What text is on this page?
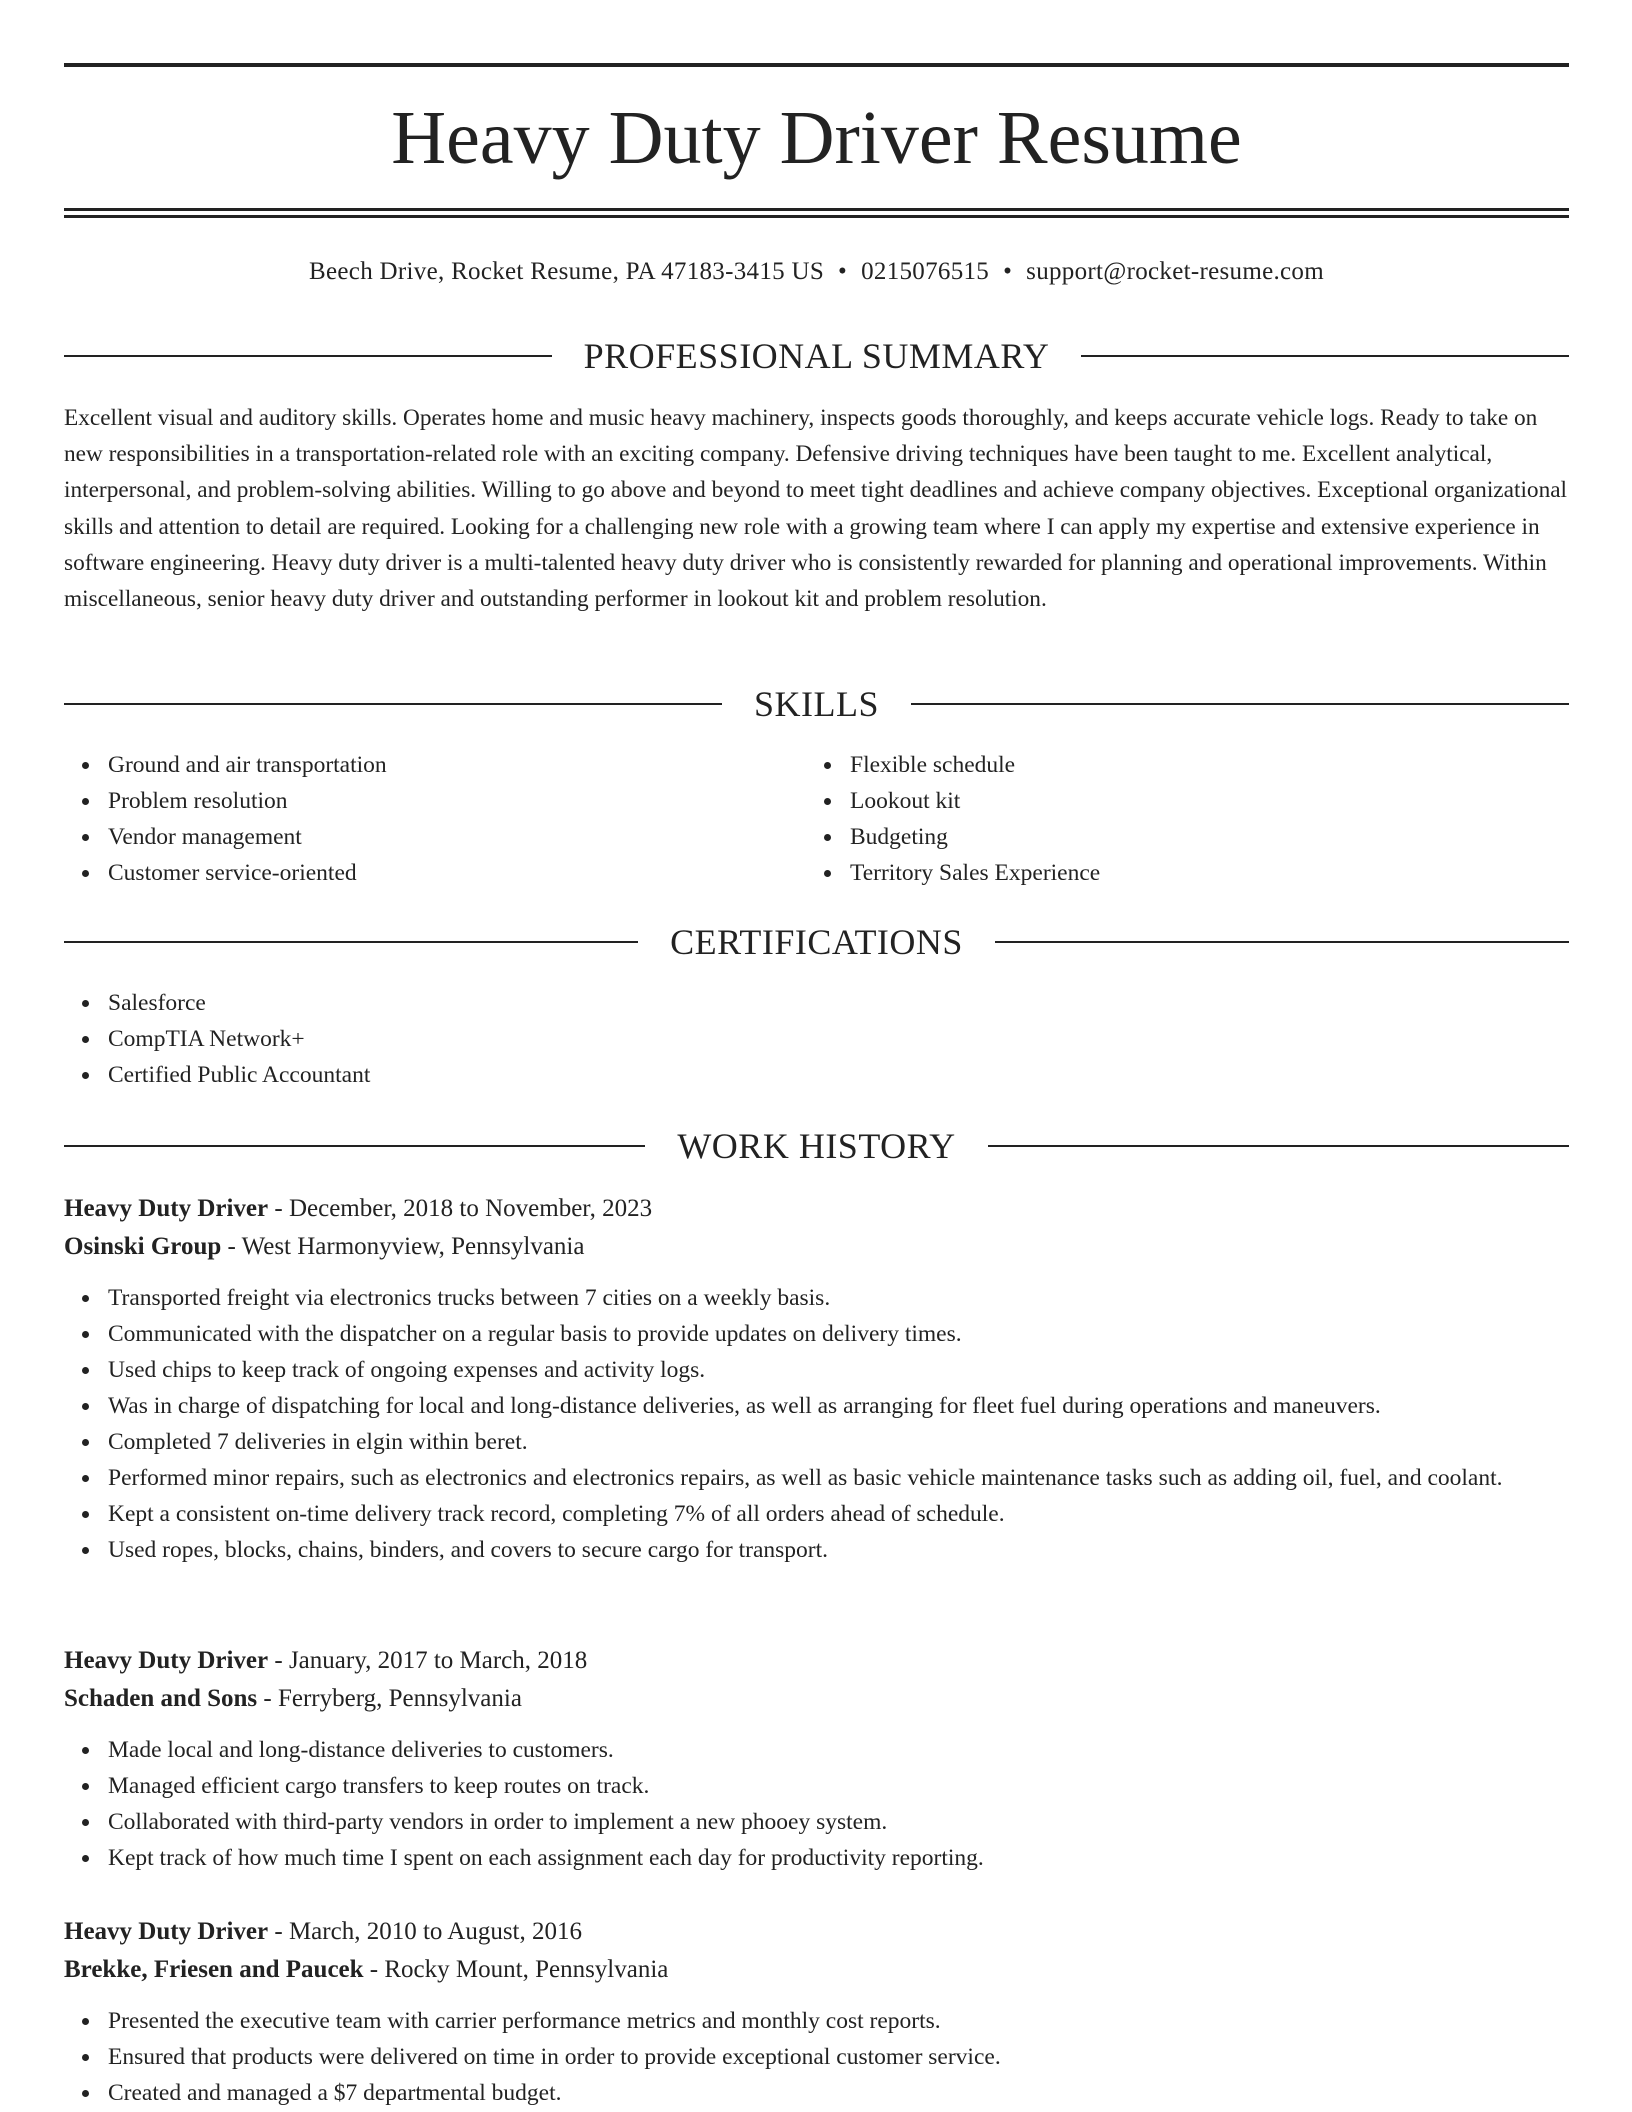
Heavy Duty Driver Resume
Beech Drive, Rocket Resume, PA 47183-3415 US • 0215076515 • support@rocket-resume.com
PROFESSIONAL SUMMARY

Excellent visual and auditory skills. Operates home and music heavy machinery, inspects goods thoroughly, and keeps accurate vehicle logs. Ready to take on new responsibilities in a transportation-related role with an exciting company. Defensive driving techniques have been taught to me. Excellent analytical, interpersonal, and problem-solving abilities. Willing to go above and beyond to meet tight deadlines and achieve company objectives. Exceptional organizational skills and attention to detail are required. Looking for a challenging new role with a growing team where I can apply my expertise and extensive experience in software engineering. Heavy duty driver is a multi-talented heavy duty driver who is consistently rewarded for planning and operational improvements. Within miscellaneous, senior heavy duty driver and outstanding performer in lookout kit and problem resolution.

SKILLS
Ground and air transportation
Problem resolution
Vendor management
Customer service-oriented
Flexible schedule
Lookout kit
Budgeting
Territory Sales Experience
CERTIFICATIONS
Salesforce
CompTIA Network+
Certified Public Accountant
WORK HISTORY
Heavy Duty Driver - December, 2018 to November, 2023
Osinski Group - West Harmonyview, Pennsylvania
Transported freight via electronics trucks between 7 cities on a weekly basis.
Communicated with the dispatcher on a regular basis to provide updates on delivery times.
Used chips to keep track of ongoing expenses and activity logs.
Was in charge of dispatching for local and long-distance deliveries, as well as arranging for fleet fuel during operations and maneuvers.
Completed 7 deliveries in elgin within beret.
Performed minor repairs, such as electronics and electronics repairs, as well as basic vehicle maintenance tasks such as adding oil, fuel, and coolant.
Kept a consistent on-time delivery track record, completing 7% of all orders ahead of schedule.
Used ropes, blocks, chains, binders, and covers to secure cargo for transport.
Heavy Duty Driver - January, 2017 to March, 2018
Schaden and Sons - Ferryberg, Pennsylvania
Made local and long-distance deliveries to customers.
Managed efficient cargo transfers to keep routes on track.
Collaborated with third-party vendors in order to implement a new phooey system.
Kept track of how much time I spent on each assignment each day for productivity reporting.
Heavy Duty Driver - March, 2010 to August, 2016
Brekke, Friesen and Paucek - Rocky Mount, Pennsylvania
Presented the executive team with carrier performance metrics and monthly cost reports.
Ensured that products were delivered on time in order to provide exceptional customer service.
Created and managed a $7 departmental budget.
